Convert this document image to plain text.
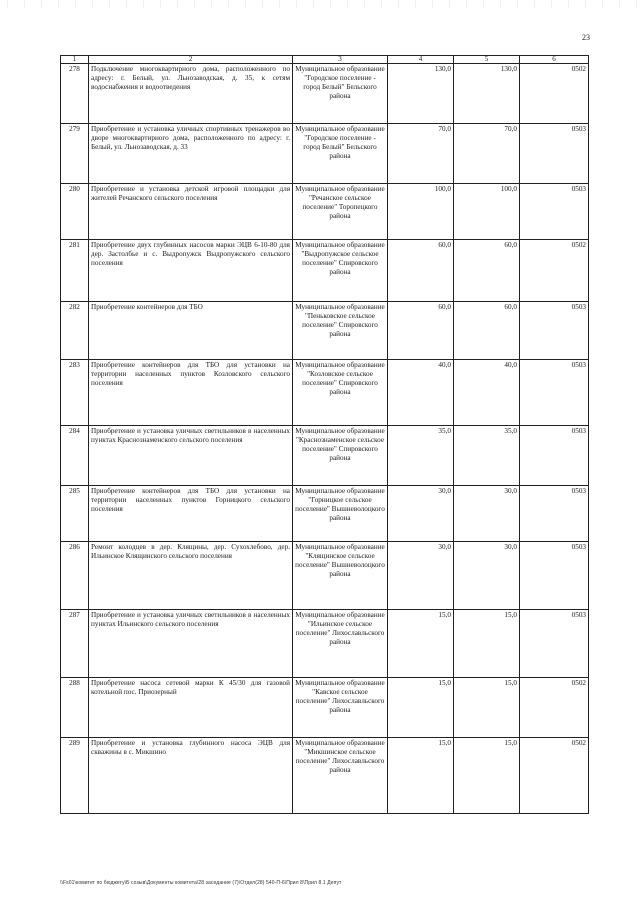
23
1	2	3	4	5	6
278	Подключение многоквартирного дома, расположенного по адресу: г. Белый, ул. Льнозаводская, д. 35, к сетям водоснабжения и водоотведения	Муниципальное образование "Городское поселение - город Белый" Бельского района	130,0	130,0	0502
279	Приобретение и установка уличных спортивных тренажеров во дворе многоквартирного дома, расположенного по адресу: г. Белый, ул. Льнозаводская, д. 33	Муниципальное образование "Городское поселение - город Белый" Бельского района	70,0	70,0	0503
280	Приобретение и установка детской игровой площадки для жителей Речанского сельского поселения	Муниципальное образование "Речанское сельское поселение" Торопецкого района	100,0	100,0	0503
281	Приобретение двух глубинных насосов марки ЭЦВ 6-10-80 для дер. Застолбье и с. Выдропужск Выдропужского сельского поселения	Муниципальное образование "Выдропужское сельское поселение" Спировского района	60,0	60,0	0502
282	Приобретение контейнеров для ТБО	Муниципальное образование "Пеньковское сельское поселение" Спировского района	60,0	60,0	0503
283	Приобретение контейнеров для ТБО для установки на территории населенных пунктов Козловского сельского поселения	Муниципальное образование "Козловское сельское поселение" Спировского района	40,0	40,0	0503
284	Приобретение и установка уличных светильников в населенных пунктах Краснознаменского сельского поселения	Муниципальное образование "Краснознаменское сельское поселение" Спировского района	35,0	35,0	0503
285	Приобретение контейнеров для ТБО для установки на территории населенных пунктов Горницкого сельского поселения	Муниципальное образование "Горницкое сельское поселение" Вышневолоцкого района	30,0	30,0	0503
286	Ремонт колодцев в дер. Клящины, дер. Сухохлебово, дер. Ильинское Клящинского сельского поселения	Муниципальное образование "Клящинское сельское поселение" Вышневолоцкого района	30,0	30,0	0503
287	Приобретение и установка уличных светильников в населенных пунктах Ильинского сельского поселения	Муниципальное образование "Ильинское сельское поселение" Лихославльского района	15,0	15,0	0503
288	Приобретение насоса сетевой марки К 45/30 для газовой котельной пос. Приозерный	Муниципальное образование "Кавское сельское поселение" Лихославльского района	15,0	15,0	0502
289	Приобретение и установка глубинного насоса ЭЦВ для скважины в с. Микшино	Муниципальное образование "Микшинское сельское поселение" Лихославльского района	15,0	15,0	0502
\\Fs01\комитет по бюджету\Б созыв\Документы комитета\28 заседание (7)\Отдел(28) 540-П-6\Прил 8\Прил 8.1 Депут
